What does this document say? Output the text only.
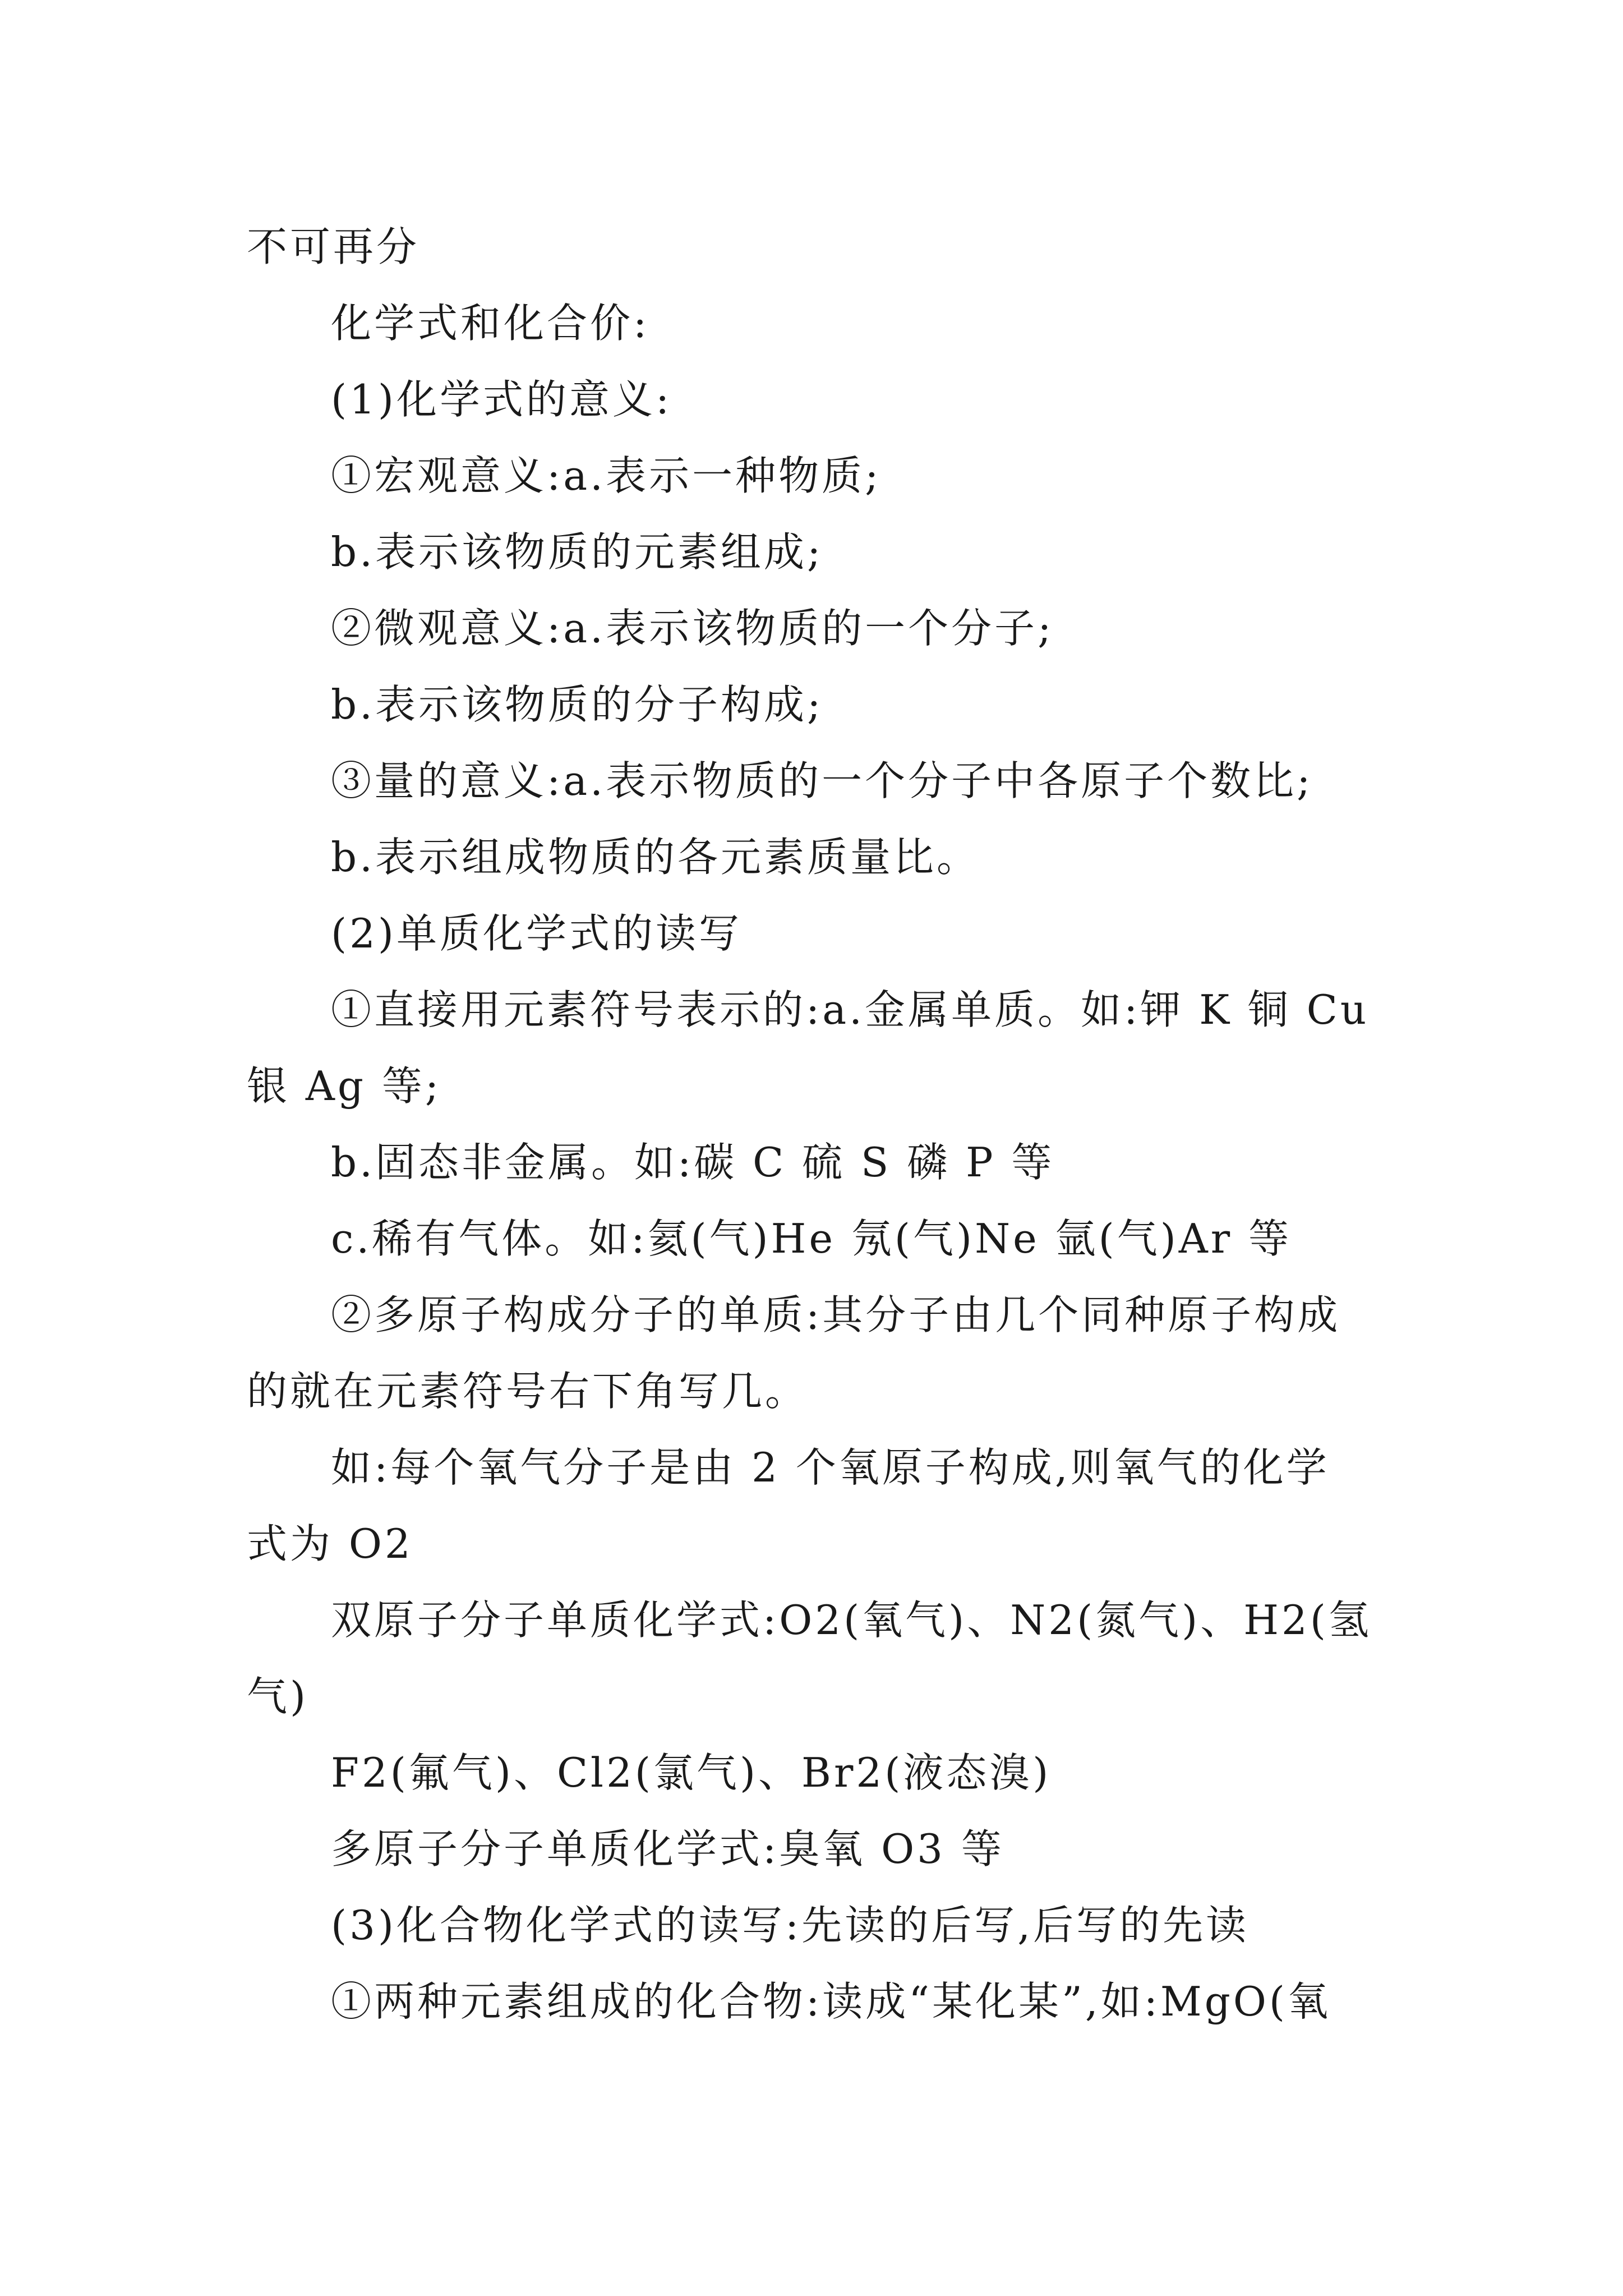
不可再分
化学式和化合价:
(1)化学式的意义:
①宏观意义:a.表示一种物质;
b.表示该物质的元素组成;
②微观意义:a.表示该物质的一个分子;
b.表示该物质的分子构成;
③量的意义:a.表示物质的一个分子中各原子个数比;
b.表示组成物质的各元素质量比。
(2)单质化学式的读写
①直接用元素符号表示的:a.金属单质。如:钾 K 铜 Cu
银 Ag 等;
b.固态非金属。如:碳 C 硫 S 磷 P 等
c.稀有气体。如:氦(气)He 氖(气)Ne 氩(气)Ar 等
②多原子构成分子的单质:其分子由几个同种原子构成
的就在元素符号右下角写几。
如:每个氧气分子是由 2 个氧原子构成,则氧气的化学
式为 O2
双原子分子单质化学式:O2(氧气)、N2(氮气)、H2(氢
气)
F2(氟气)、Cl2(氯气)、Br2(液态溴)
多原子分子单质化学式:臭氧 O3 等
(3)化合物化学式的读写:先读的后写,后写的先读
①两种元素组成的化合物:读成“某化某”,如:MgO(氧
